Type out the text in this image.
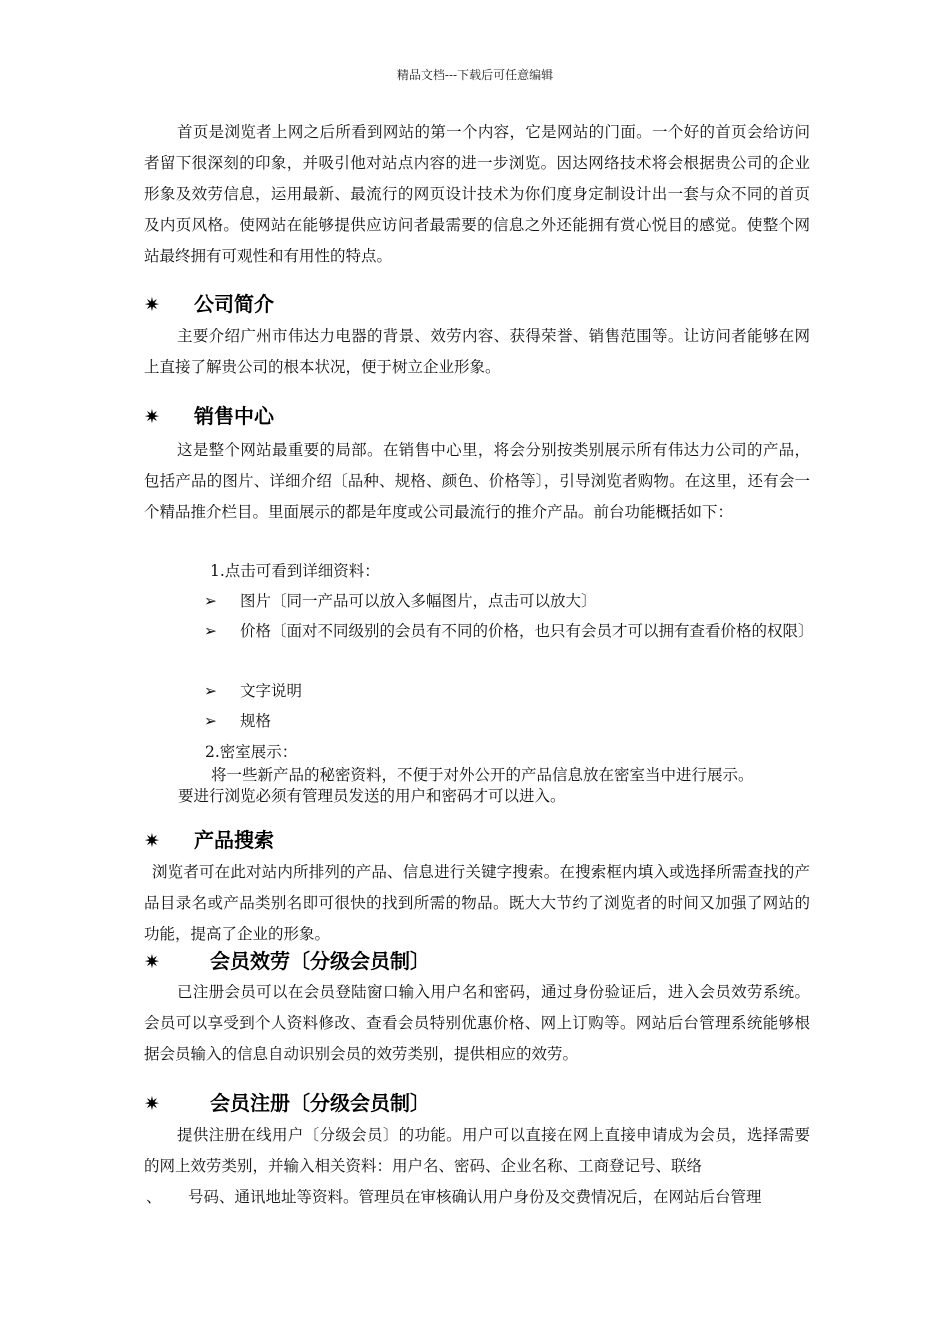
精品文档---下载后可任意编辑

首页是浏览者上网之后所看到网站的第一个内容，它是网站的门面。一个好的首页会给访问者留下很深刻的印象，并吸引他对站点内容的进一步浏览。因达网络技术将会根据贵公司的企业形象及效劳信息，运用最新、最流行的网页设计技术为你们度身定制设计出一套与众不同的首页及内页风格。使网站在能够提供应访问者最需要的信息之外还能拥有赏心悦目的感觉。使整个网站最终拥有可观性和有用性的特点。

✷ 公司简介

主要介绍广州市伟达力电器的背景、效劳内容、获得荣誉、销售范围等。让访问者能够在网上直接了解贵公司的根本状况，便于树立企业形象。

✷ 销售中心

这是整个网站最重要的局部。在销售中心里，将会分别按类别展示所有伟达力公司的产品，包括产品的图片、详细介绍〔品种、规格、颜色、价格等〕，引导浏览者购物。在这里，还有会一个精品推介栏目。里面展示的都是年度或公司最流行的推介产品。前台功能概括如下：

1.点击可看到详细资料：
➢	图片〔同一产品可以放入多幅图片，点击可以放大〕
➢	价格〔面对不同级别的会员有不同的价格，也只有会员才可以拥有查看价格的权限〕
➢	文字说明
➢	规格
2.密室展示：
将一些新产品的秘密资料，不便于对外公开的产品信息放在密室当中进行展示。
要进行浏览必须有管理员发送的用户和密码才可以进入。
✷ 产品搜索

浏览者可在此对站内所排列的产品、信息进行关键字搜索。在搜索框内填入或选择所需查找的产品目录名或产品类别名即可很快的找到所需的物品。既大大节约了浏览者的时间又加强了网站的功能，提高了企业的形象。

✷	会员效劳〔分级会员制〕

已注册会员可以在会员登陆窗口输入用户名和密码，通过身份验证后，进入会员效劳系统。会员可以享受到个人资料修改、查看会员特别优惠价格、网上订购等。网站后台管理系统能够根据会员输入的信息自动识别会员的效劳类别，提供相应的效劳。

✷	会员注册〔分级会员制〕

提供注册在线用户〔分级会员〕的功能。用户可以直接在网上直接申请成为会员，选择需要的网上效劳类别，并输入相关资料：用户名、密码、企业名称、工商登记号、联络

、 号码、通讯地址等资料。管理员在审核确认用户身份及交费情况后，在网站后台管理
